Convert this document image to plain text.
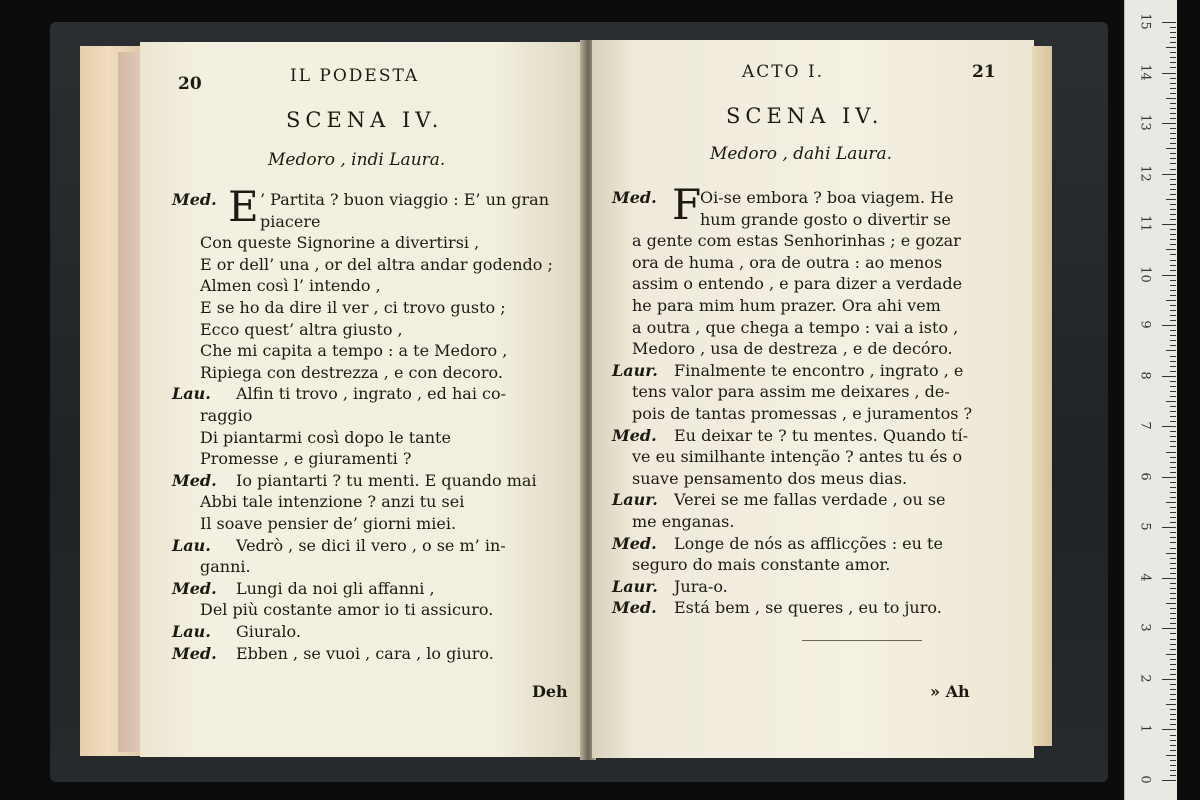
20	IL PODESTA
SCENA IV.
Medoro , indi Laura.
Med. E ’ Partita ? buon viaggio : E’ un gran
piacere
Con queste Signorine a divertirsi ,
E or dell’ una , or del altra andar godendo ;
Almen così l’ intendo ,
E se ho da dire il ver , ci trovo gusto ;
Ecco quest’ altra giusto ,
Che mi capita a tempo : a te Medoro ,
Ripiega con destrezza , e con decoro.
Lau. Alfin ti trovo , ingrato , ed hai co-
raggio
Di piantarmi così dopo le tante
Promesse , e giuramenti ?
Med. Io piantarti ? tu menti. E quando mai
Abbi tale intenzione ? anzi tu sei
Il soave pensier de’ giorni miei.
Lau. Vedrò , se dici il vero , o se m’ in-
ganni.
Med. Lungi da noi gli affanni ,
Del più costante amor io ti assicuro.
Lau. Giuralo.
Med. Ebben , se vuoi , cara , lo giuro.
Deh
ACTO I.	21
SCENA IV.
Medoro , dahi Laura.
Med. F
Oi-se embora ? boa viagem. He
hum grande gosto o divertir se
a gente com estas Senhorinhas ; e gozar
ora de huma , ora de outra : ao menos
assim o entendo , e para dizer a verdade
he para mim hum prazer. Ora ahi vem
a outra , que chega a tempo : vai a isto ,
Medoro , usa de destreza , e de decóro.
Laur. Finalmente te encontro , ingrato , e
tens valor para assim me deixares , de-
pois de tantas promessas , e juramentos ?
Med. Eu deixar te ? tu mentes. Quando tí-
ve eu similhante intenção ? antes tu és o
suave pensamento dos meus dias.
Laur. Verei se me fallas verdade , ou se
me enganas.
Med. Longe de nós as afflicções : eu te
seguro do mais constante amor.
Laur. Jura-o.
Med. Está bem , se queres , eu to juro.
» Ah
0
1
2
3
4
5
6
7
8
9
10
11
12
13
14
15
